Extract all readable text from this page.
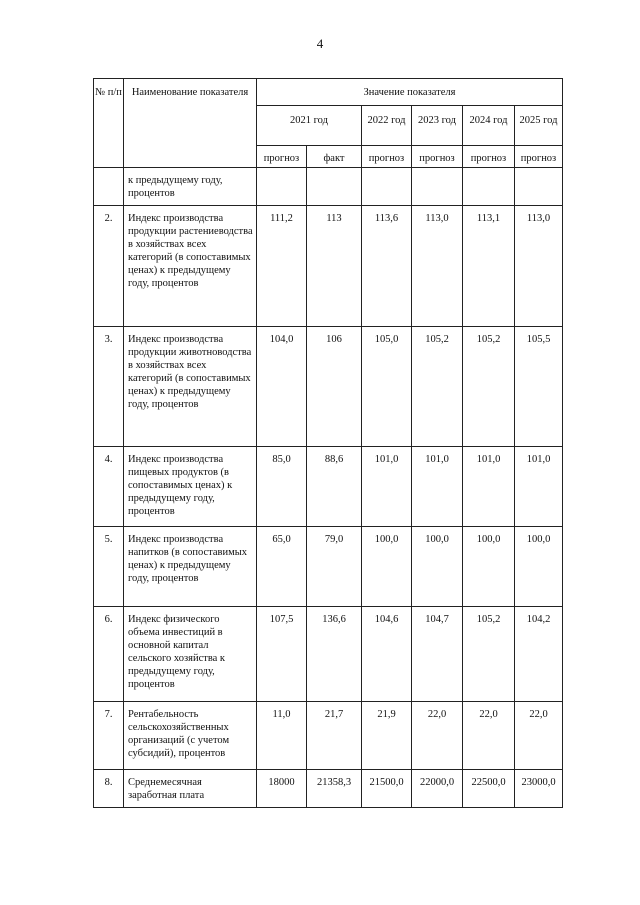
4
№ п/п	Наименование показателя	Значение показателя					
		2021 год		2022 год	2023 год	2024 год	2025 год
		прогноз	факт	прогноз	прогноз	прогноз	прогноз
	к предыдущему году, процентов						
2.	Индекс производства продукции растениеводства в хозяйствах всех категорий (в сопоставимых ценах) к предыдущему году, процентов	111,2	113	113,6	113,0	113,1	113,0
3.	Индекс производства продукции животноводства в хозяйствах всех категорий (в сопоставимых ценах) к предыдущему году, процентов	104,0	106	105,0	105,2	105,2	105,5
4.	Индекс производства пищевых продуктов (в сопоставимых ценах) к предыдущему году, процентов	85,0	88,6	101,0	101,0	101,0	101,0
5.	Индекс производства напитков (в сопоставимых ценах) к предыдущему году, процентов	65,0	79,0	100,0	100,0	100,0	100,0
6.	Индекс физического объема инвестиций в основной капитал сельского хозяйства к предыдущему году, процентов	107,5	136,6	104,6	104,7	105,2	104,2
7.	Рентабельность сельскохозяйственных организаций (с учетом субсидий), процентов	11,0	21,7	21,9	22,0	22,0	22,0
8.	Среднемесячная заработная плата	18000	21358,3	21500,0	22000,0	22500,0	23000,0
